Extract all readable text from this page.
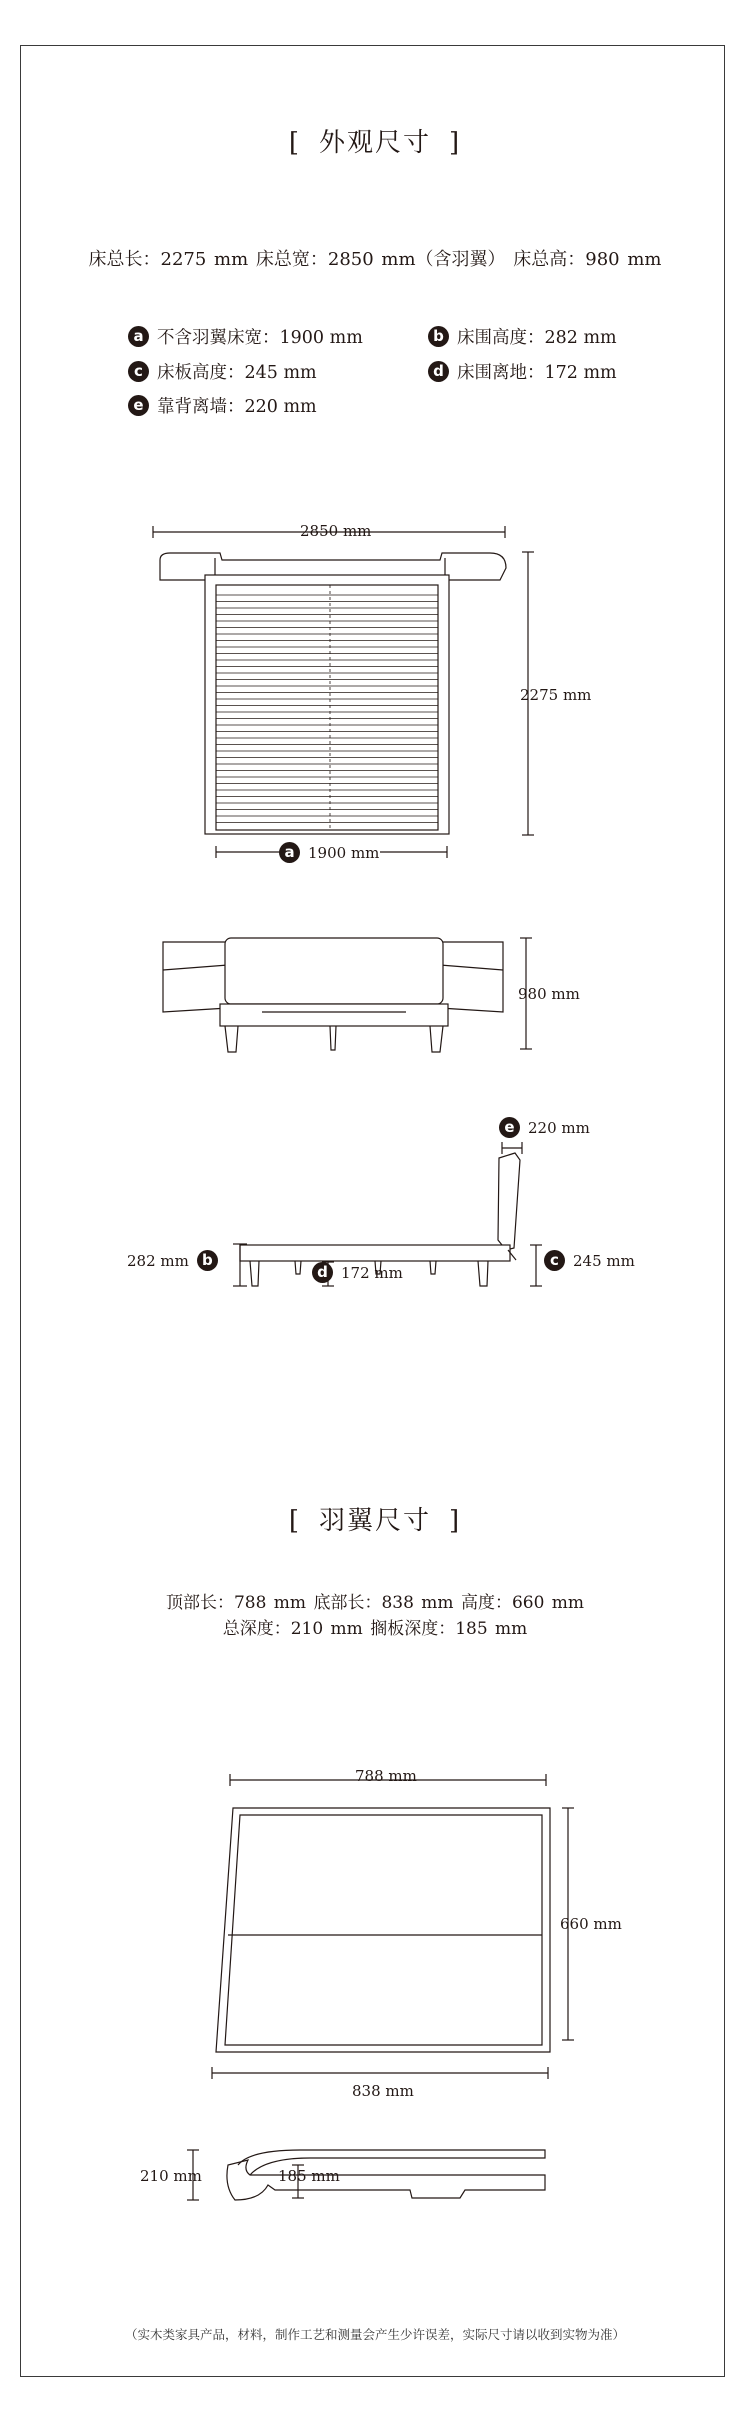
[ 外观尺寸 ]
床总长：2275 mm 床总宽：2850 mm（含羽翼） 床总高：980 mm
a 不含羽翼床宽：1900 mm	b 床围高度：282 mm
c 床板高度：245 mm	d 床围离地：172 mm
e 靠背离墙：220 mm
2850 mm
2275 mm
a 1900 mm
980 mm
e 220 mm
282 mm b
d 172 mm
c 245 mm
[ 羽翼尺寸 ]
顶部长：788 mm 底部长：838 mm 高度：660 mm
总深度：210 mm 搁板深度：185 mm
788 mm
660 mm
838 mm
210 mm	185 mm
（实木类家具产品，材料，制作工艺和测量会产生少许误差，实际尺寸请以收到实物为准）
